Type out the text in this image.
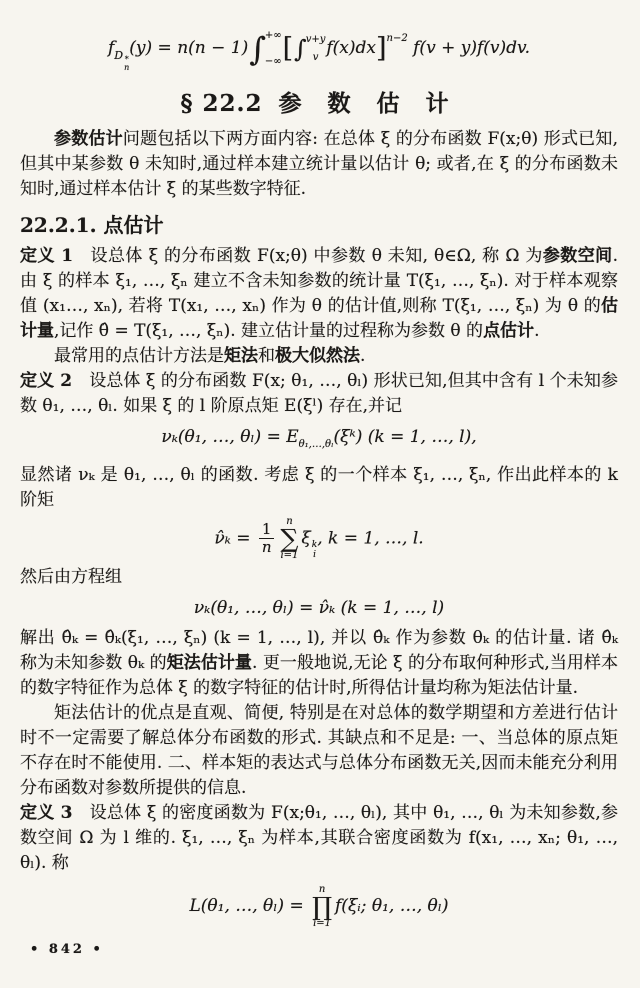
fD *
n
(y) = n(n − 1) ∫ +∞
−∞ [ ∫ v+y
v f(x)dx]$^{n-2}$ f(v + y)f(v)dv.
§ 22.2 参 数 估 计

参数估计问题包括以下两方面内容: 在总体 ξ 的分布函数 F(x;θ) 形式已知,但其中某参数 θ 未知时,通过样本建立统计量以估计 θ; 或者,在 ξ 的分布函数未知时,通过样本估计 ξ 的某些数字特征.

22.2.1. 点估计

定义 1 设总体 ξ 的分布函数 F(x;θ) 中参数 θ 未知, θ∈Ω, 称 Ω 为参数空间. 由 ξ 的样本 ξ₁, …, ξₙ 建立不含未知参数的统计量 T(ξ₁, …, ξₙ). 对于样本观察值 (x₁…, xₙ), 若将 T(x₁, …, xₙ) 作为 θ 的估计值,则称 T(ξ₁, …, ξₙ) 为 θ 的估计量,记作 θ̂ = T(ξ₁, …, ξₙ). 建立估计量的过程称为参数 θ 的点估计.

最常用的点估计方法是矩法和极大似然法.

定义 2 设总体 ξ 的分布函数 F(x; θ₁, …, θₗ) 形状已知,但其中含有 l 个未知参数 θ₁, …, θₗ. 如果 ξ 的 l 阶原点矩 E(ξˡ) 存在,并记

νₖ(θ₁, …, $\theta_l) = E_{\theta_1,\dots,\theta_l}(\xi ᵏ) (k = 1$, …, l),

显然诸 νₖ 是 θ₁, …, θₗ 的函数. 考虑 ξ 的一个样本 ξ₁, …, ξₙ, 作出此样本的 k 阶矩

ν̂ₖ = $\frac{1}{n}$ n
∑
i=1
ξ k
i
, k = 1, …, l.

然后由方程组

νₖ(θ₁, …, θₗ) = ν̂ₖ (k = 1, …, l)

解出 θ̂ₖ = θ̂ₖ(ξ₁, …, ξₙ) (k = 1, …, l), 并以 θ̂ₖ 作为参数 θₖ 的估计量. 诸 θ̂ₖ 称为未知参数 θₖ 的矩法估计量. 更一般地说,无论 ξ 的分布取何种形式,当用样本的数字特征作为总体 ξ 的数字特征的估计时,所得估计量均称为矩法估计量.

矩法估计的优点是直观、简便, 特别是在对总体的数学期望和方差进行估计时不一定需要了解总体分布函数的形式. 其缺点和不足是: 一、当总体的原点矩不存在时不能使用. 二、样本矩的表达式与总体分布函数无关,因而未能充分利用分布函数对参数所提供的信息.

定义 3 设总体 ξ 的密度函数为 F(x;θ₁, …, θₗ), 其中 θ₁, …, θₗ 为未知参数,参数空间 Ω 为 l 维的. ξ₁, …, ξₙ 为样本,其联合密度函数为 f(x₁, …, xₙ; θ₁, …, θₗ). 称

L(θ₁, …, θₗ) =
n
∏
i=1
f(ξᵢ; θ₁, …, θₗ)
• 842 •
